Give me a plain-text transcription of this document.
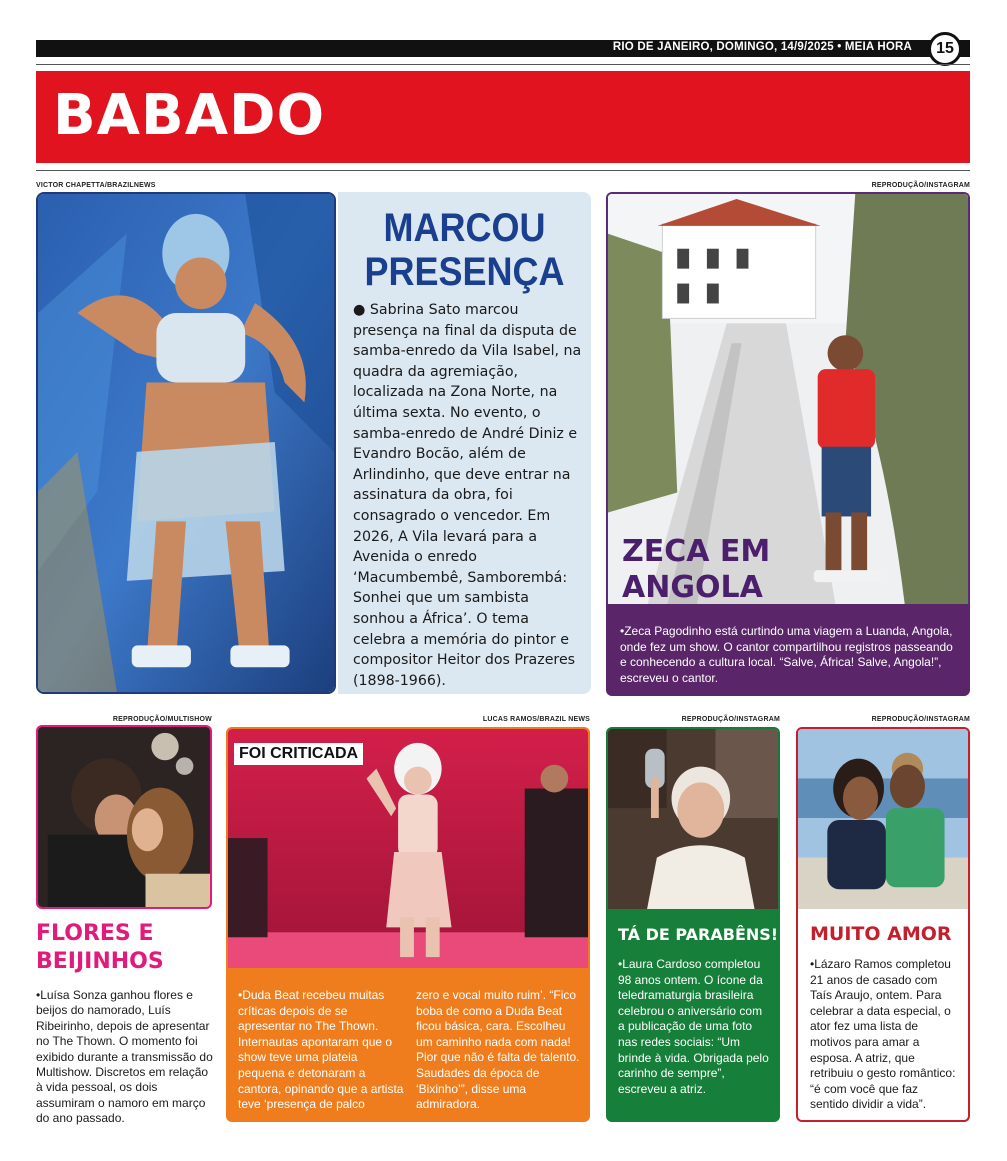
RIO DE JANEIRO, DOMINGO, 14/9/2025 • MEIA HORA 15
BABADO
VICTOR CHAPETTA/BRAZILNEWS	REPRODUÇÃO/INSTAGRAM
REPRODUÇÃO/MULTISHOW	LUCAS RAMOS/BRAZIL NEWS	REPRODUÇÃO/INSTAGRAM	REPRODUÇÃO/INSTAGRAM
MARCOU
PRESENÇA

● Sabrina Sato marcou presença na final da disputa de samba-enredo da Vila Isabel, na quadra da agremiação, localizada na Zona Norte, na última sexta. No evento, o samba-enredo de André Diniz e Evandro Bocão, além de Arlindinho, que deve entrar na assinatura da obra, foi consagrado o vencedor. Em 2026, A Vila levará para a Avenida o enredo ‘Macumbembê, Samborembá: Sonhei que um sambista sonhou a África’. O tema celebra a memória do pintor e compositor Heitor dos Prazeres (1898-1966).

ZECA EM
ANGOLA

•Zeca Pagodinho está curtindo uma viagem a Luanda, Angola, onde fez um show. O cantor compartilhou registros passeando e conhecendo a cultura local. “Salve, África! Salve, Angola!”, escreveu o cantor.

FLORES E
BEIJINHOS

•Luísa Sonza ganhou flores e beijos do namorado, Luís Ribeirinho, depois de apresentar no The Thown. O momento foi exibido durante a transmissão do Multishow. Discretos em relação à vida pessoal, os dois assumiram o namoro em março do ano passado.

FOI CRITICADA

•Duda Beat recebeu muitas críticas depois de se apresentar no The Thown. Internautas apontaram que o show teve uma plateia pequena e detonaram a cantora, opinando que a artista teve ‘presença de palco

zero e vocal muito ruim’. “Fico boba de como a Duda Beat ficou básica, cara. Escolheu um caminho nada com nada! Pior que não é falta de talento. Saudades da época de ‘Bixinho’”, disse uma admiradora.

TÁ DE PARABÊNS!

•Laura Cardoso completou 98 anos ontem. O ícone da teledramaturgia brasileira celebrou o aniversário com a publicação de uma foto nas redes sociais: “Um brinde à vida. Obrigada pelo carinho de sempre”, escreveu a atriz.

MUITO AMOR

•Lázaro Ramos completou 21 anos de casado com Taís Araujo, ontem. Para celebrar a data especial, o ator fez uma lista de motivos para amar a esposa. A atriz, que retribuiu o gesto romântico: “é com você que faz sentido dividir a vida”.
